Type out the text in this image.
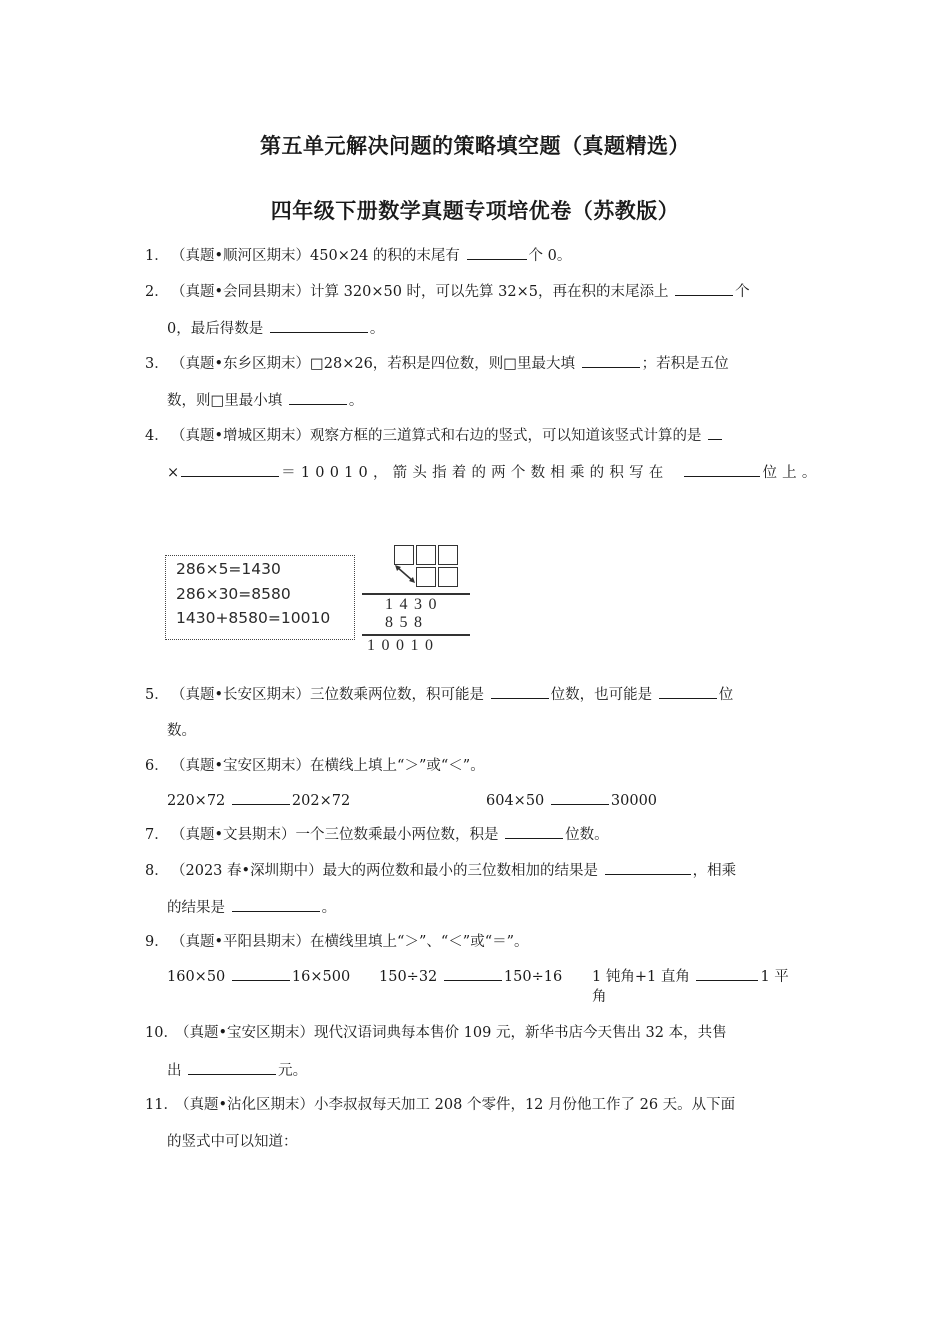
第五单元解决问题的策略填空题（真题精选）
四年级下册数学真题专项培优卷（苏教版）
1． （真题•顺河区期末）450×24 的积的末尾有	个 0。
2． （真题•会同县期末）计算 320×50 时，可以先算 32×5，再在积的末尾添上	个
0，最后得数是	。
3． （真题•东乡区期末）□28×26，若积是四位数，则□里最大填	；若积是五位
数，则□里最小填	。
4． （真题•增城区期末）观察方框的三道算式和右边的竖式，可以知道该竖式计算的是
×	＝10010，箭头指着的两个数相乘的积写在	位上。
286×5=1430
286×30=8580
1430+8580=10010
1430
858
10010
5． （真题•长安区期末）三位数乘两位数，积可能是	位数，也可能是	位
数。
6． （真题•宝安区期末）在横线上填上“＞”或“＜”。
220×72	202×72	604×50	30000
7． （真题•文县期末）一个三位数乘最小两位数，积是	位数。
8． （2023 春•深圳期中）最大的两位数和最小的三位数相加的结果是	，相乘
的结果是	。
9． （真题•平阳县期末）在横线里填上“＞”、“＜”或“＝”。
160×50	16×500 150÷32	150÷16 1 钝角+1 直角	1 平
角
10．（真题•宝安区期末）现代汉语词典每本售价 109 元，新华书店今天售出 32 本，共售
出	元。
11．（真题•沾化区期末）小李叔叔每天加工 208 个零件，12 月份他工作了 26 天。从下面
的竖式中可以知道：
